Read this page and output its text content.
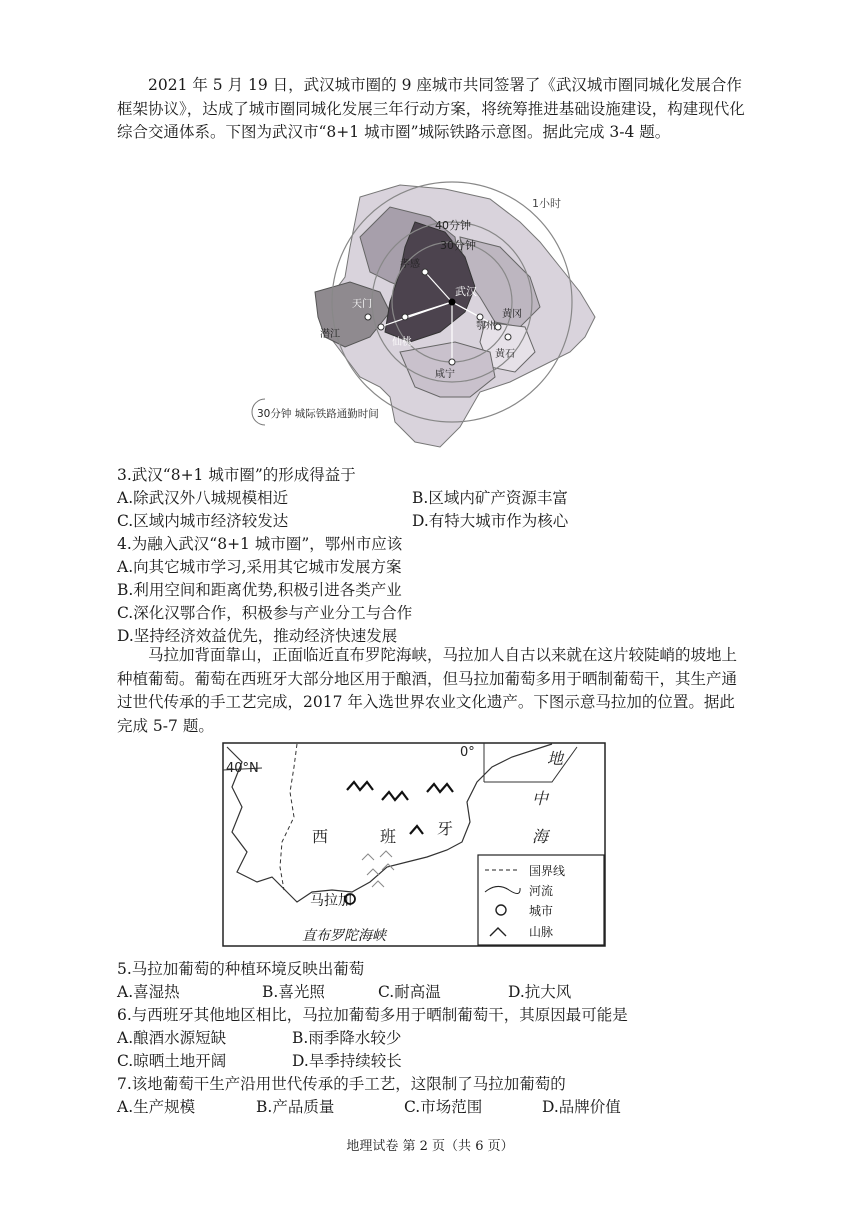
2021 年 5 月 19 日，武汉城市圈的 9 座城市共同签署了《武汉城市圈同城化发展合作框架协议》，达成了城市圈同城化发展三年行动方案，将统筹推进基础设施建设，构建现代化综合交通体系。下图为武汉市“8+1 城市圈”城际铁路示意图。据此完成 3-4 题。

1小时
40分钟
30分钟
孝感
武汉
天门
潜江
仙桃
鄂州
黄冈
黄石
咸宁
30分钟 城际铁路通勤时间
3.武汉“8+1 城市圈”的形成得益于
A.除武汉外八城规模相近	B.区域内矿产资源丰富
C.区域内城市经济较发达	D.有特大城市作为核心
4.为融入武汉“8+1 城市圈”，鄂州市应该
A.向其它城市学习,采用其它城市发展方案
B.利用空间和距离优势,积极引进各类产业
C.深化汉鄂合作，积极参与产业分工与合作
D.坚持经济效益优先，推动经济快速发展

马拉加背面靠山，正面临近直布罗陀海峡，马拉加人自古以来就在这片较陡峭的坡地上种植葡萄。葡萄在西班牙大部分地区用于酿酒，但马拉加葡萄多用于晒制葡萄干，其生产通过世代传承的手工艺完成，2017 年入选世界农业文化遗产。下图示意马拉加的位置。据此完成 5-7 题。

40°N
0°
西	班	牙
地
中
海
马拉加
直布罗陀海峡
国界线
河流
城市
山脉
5.马拉加葡萄的种植环境反映出葡萄
A.喜湿热	B.喜光照	C.耐高温	D.抗大风
6.与西班牙其他地区相比，马拉加葡萄多用于晒制葡萄干，其原因最可能是
A.酿酒水源短缺	B.雨季降水较少
C.晾晒土地开阔	D.旱季持续较长
7.该地葡萄干生产沿用世代传承的手工艺，这限制了马拉加葡萄的
A.生产规模	B.产品质量	C.市场范围	D.品牌价值
地理试卷 第 2 页（共 6 页）
